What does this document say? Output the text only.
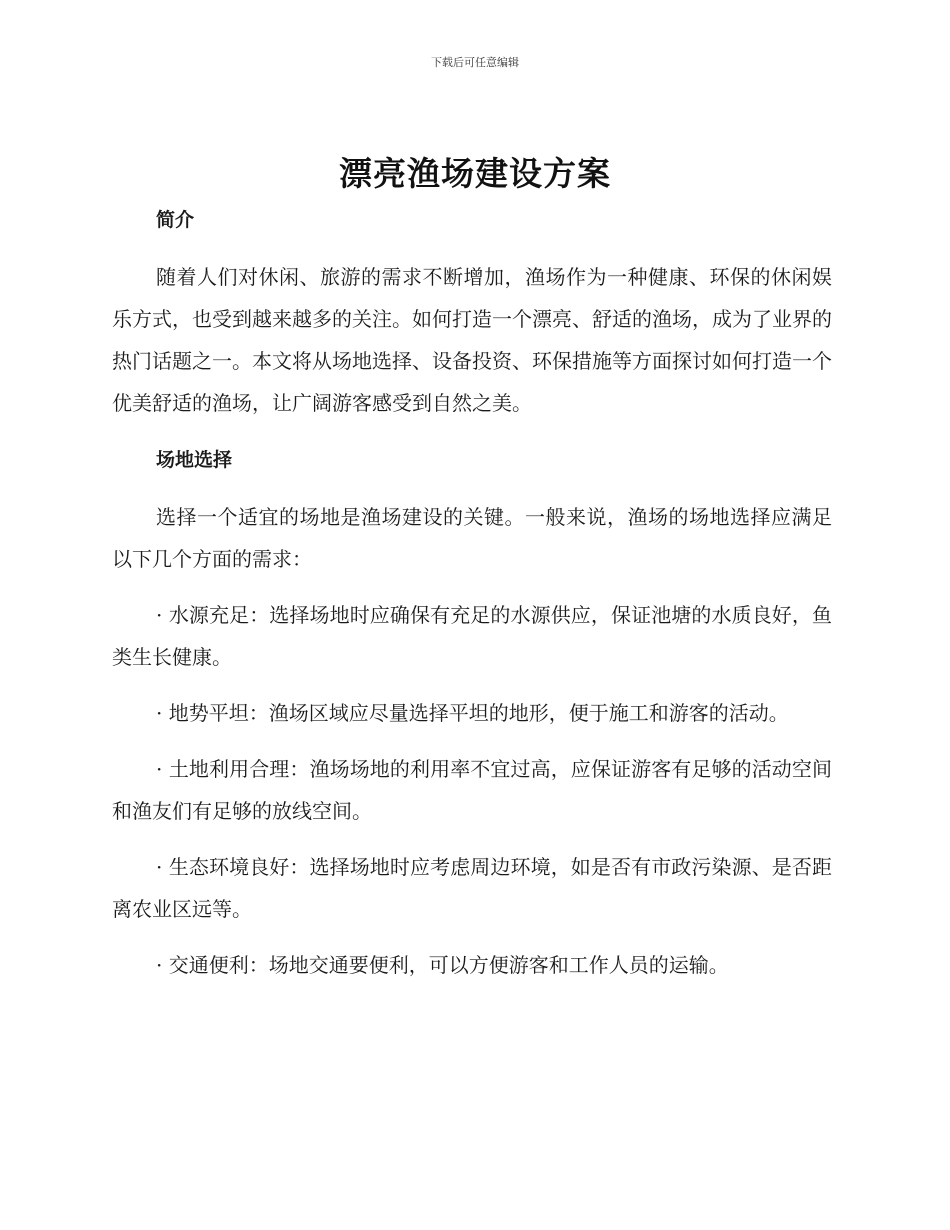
下载后可任意编辑
漂亮渔场建设方案
简介

随着人们对休闲、旅游的需求不断增加，渔场作为一种健康、环保的休闲娱乐方式，也受到越来越多的关注。如何打造一个漂亮、舒适的渔场，成为了业界的热门话题之一。本文将从场地选择、设备投资、环保措施等方面探讨如何打造一个优美舒适的渔场，让广阔游客感受到自然之美。

场地选择

选择一个适宜的场地是渔场建设的关键。一般来说，渔场的场地选择应满足以下几个方面的需求：

· 水源充足：选择场地时应确保有充足的水源供应，保证池塘的水质良好，鱼类生长健康。

· 地势平坦：渔场区域应尽量选择平坦的地形，便于施工和游客的活动。

· 土地利用合理：渔场场地的利用率不宜过高，应保证游客有足够的活动空间和渔友们有足够的放线空间。

· 生态环境良好：选择场地时应考虑周边环境，如是否有市政污染源、是否距离农业区远等。

· 交通便利：场地交通要便利，可以方便游客和工作人员的运输。
